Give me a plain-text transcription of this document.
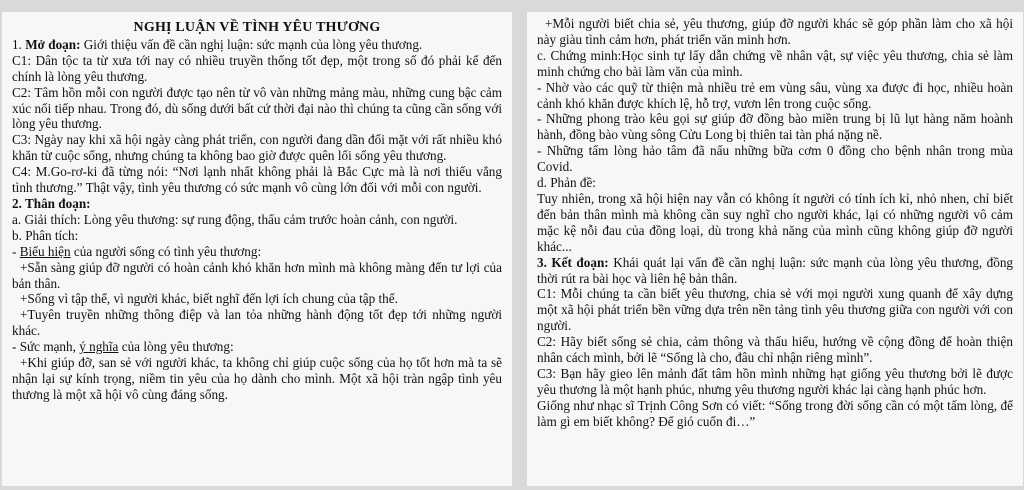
NGHỊ LUẬN VỀ TÌNH YÊU THƯƠNG

1. Mở đoạn: Giới thiệu vấn đề cần nghị luận: sức mạnh của lòng yêu thương.

C1: Dân tộc ta từ xưa tới nay có nhiều truyền thống tốt đẹp, một trong số đó phải kể đến chính là lòng yêu thương.

C2: Tâm hồn mỗi con người được tạo nên từ vô vàn những mảng màu, những cung bậc cảm xúc nối tiếp nhau. Trong đó, dù sống dưới bất cứ thời đại nào thì chúng ta cũng cần sống với lòng yêu thương.

C3: Ngày nay khi xã hội ngày càng phát triển, con người đang dần đối mặt với rất nhiều khó khăn từ cuộc sống, nhưng chúng ta không bao giờ được quên lối sống yêu thương.

C4: M.Go-rơ-ki đã từng nói: “Nơi lạnh nhất không phải là Bắc Cực mà là nơi thiếu vắng tình thương.” Thật vậy, tình yêu thương có sức mạnh vô cùng lớn đối với mỗi con người.

2. Thân đoạn:

a. Giải thích: Lòng yêu thương: sự rung động, thấu cảm trước hoàn cảnh, con người.

b. Phân tích:

- Biểu hiện của người sống có tình yêu thương:

+Sẵn sàng giúp đỡ người có hoàn cảnh khó khăn hơn mình mà không màng đến tư lợi của bản thân.

+Sống vì tập thể, vì người khác, biết nghĩ đến lợi ích chung của tập thể.

+Tuyên truyền những thông điệp và lan tỏa những hành động tốt đẹp tới những người khác.

- Sức mạnh, ý nghĩa của lòng yêu thương:

+Khi giúp đỡ, san sẻ với người khác, ta không chỉ giúp cuộc sống của họ tốt hơn mà ta sẽ nhận lại sự kính trọng, niềm tin yêu của họ dành cho mình. Một xã hội tràn ngập tình yêu thương là một xã hội vô cùng đáng sống.

+Mỗi người biết chia sẻ, yêu thương, giúp đỡ người khác sẽ góp phần làm cho xã hội này giàu tình cảm hơn, phát triển văn minh hơn.

c. Chứng minh:Học sinh tự lấy dẫn chứng về nhân vật, sự việc yêu thương, chia sẻ làm minh chứng cho bài làm văn của mình.

- Nhờ vào các quỹ từ thiện mà nhiều trẻ em vùng sâu, vùng xa được đi học, nhiều hoàn cảnh khó khăn được khích lệ, hỗ trợ, vươn lên trong cuộc sống.

- Những phong trào kêu gọi sự giúp đỡ đồng bào miền trung bị lũ lụt hàng năm hoành hành, đồng bào vùng sông Cửu Long bị thiên tai tàn phá nặng nề.

- Những tấm lòng hảo tâm đã nấu những bữa cơm 0 đồng cho bệnh nhân trong mùa Covid.

d. Phản đề:

Tuy nhiên, trong xã hội hiện nay vẫn có không ít người có tính ích kỉ, nhỏ nhen, chỉ biết đến bản thân mình mà không cần suy nghĩ cho người khác, lại có những người vô cảm mặc kệ nỗi đau của đồng loại, dù trong khả năng của mình cũng không giúp đỡ người khác...

3. Kết đoạn: Khái quát lại vấn đề cần nghị luận: sức mạnh của lòng yêu thương, đồng thời rút ra bài học và liên hệ bản thân.

C1: Mỗi chúng ta cần biết yêu thương, chia sẻ với mọi người xung quanh để xây dựng một xã hội phát triển bền vững dựa trên nền tảng tình yêu thương giữa con người với con người.

C2: Hãy biết sống sẻ chia, cảm thông và thấu hiểu, hướng về cộng đồng để hoàn thiện nhân cách mình, bởi lẽ “Sống là cho, đâu chỉ nhận riêng mình”.

C3: Bạn hãy gieo lên mảnh đất tâm hồn mình những hạt giống yêu thương bởi lẽ được yêu thương là một hạnh phúc, nhưng yêu thương người khác lại càng hạnh phúc hơn.

Giống như nhạc sĩ Trịnh Công Sơn có viết: “Sống trong đời sống cần có một tấm lòng, để làm gì em biết không? Để gió cuốn đi…”
